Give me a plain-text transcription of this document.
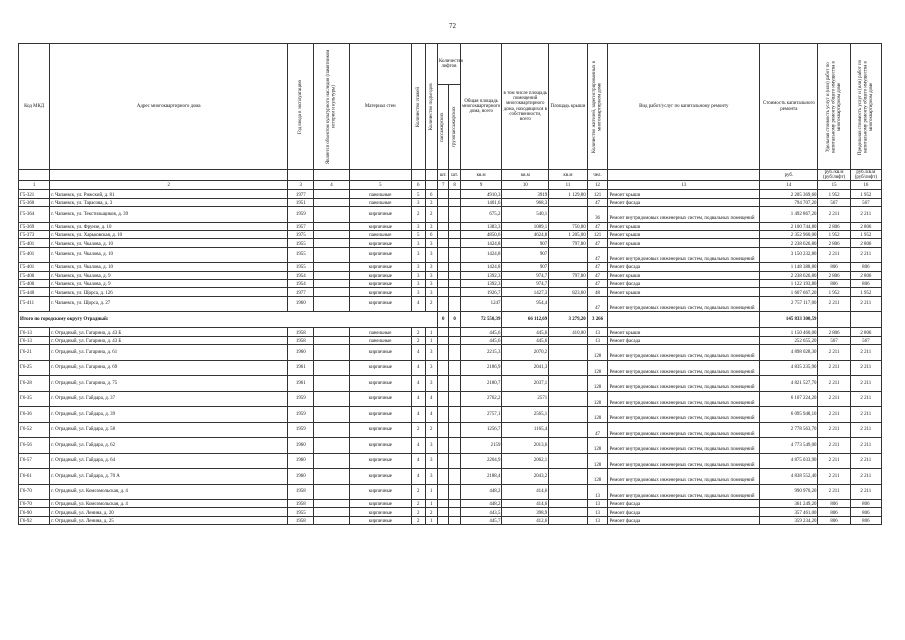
72
Код МКД	Адрес многоквартирного дома	Год ввода в эксплуатацию	Является объектом культурного наследия (памятником истории и культуры)	Материал стен	Количество этажей	Количество подъездов	Количество лифтов		Общая площадь многоквартирного дома, всего	в том числе площадь помещений многоквартирного дома, находящихся в собственности, всего	Площадь крыши	Количество жителей, зарегистрированных в многоквартирном доме	Вид работ/услуг по капитальному ремонту	Стоимость капитального ремонта	Удельная стоимость услуг и (или) работ по капитальному ремонту общего имущества в многоквартирном доме	Предельная стоимость услуг и (или) работ по капитальному ремонту общего имущества в многоквартирном доме

							пассажирских	грузопассажирских								

							шт.	шт.	кв.м	кв.м	кв.м	чел.		руб.	руб./кв.м (руб/лифт)	руб./кв.м (руб/лифт)
1	2	3	4	5	6		7	8	9	10	11	12	13	14	15	16
Г5-321	г. Чапаевск, ул. Рижский, д. 81	1977		панельные	5	6			4910,3	3919	1 129,80	121	Ремонт крыши	2 205 369,60	1 952	1 952
Г5-360	г. Чапаевск, ул. Тарасова, д. 3	1951		панельные	3	3			1401,6	968,3		47	Ремонт фасада	794 707,20	567	567
Г5-364	г. Чапаевск, ул. Текстильщиков, д. 39	1959		кирпичные	2	2			675,2	540,1		36	Ремонт внутридомовых инженерных систем, подвальных помещений	1 492 867,20	2 211	2 211
Г5-369	г. Чапаевск, ул. Фрунзе, д. 10	1957		кирпичные	3	3			1383,3	1089,1	750,80	47	Ремонт крыши	2 100 744,80	2 806	2 806
Г5-373	г. Чапаевск, ул. Харьковская, д. 10	1975		панельные	5	6			4850,6	4624,8	1 205,00	121	Ремонт крыши	2 352 960,00	1 952	1 952
Г5-401	г. Чапаевск, ул. Чкалова, д. 10	1955		кирпичные	3	3			1424,8	907	797,80	47	Ремонт крыши	2 238 626,80	2 806	2 806
Г5-401	г. Чапаевск, ул. Чкалова, д. 10	1955		кирпичные	3	3			1424,8	907		47	Ремонт внутридомовых инженерных систем, подвальных помещений	3 150 232,80	2 211	2 211
Г5-401	г. Чапаевск, ул. Чкалова, д. 10	1955		кирпичные	3	3			1424,8	907		47	Ремонт фасада	1 148 388,80	806	806
Г5-400	г. Чапаевск, ул. Чкалова, д. 9	1954		кирпичные	3	3			1392,3	974,7	797,80	47	Ремонт крыши	2 238 626,80	2 806	2 806
Г5-400	г. Чапаевск, ул. Чкалова, д. 9	1954		кирпичные	3	3			1392,3	974,7		47	Ремонт фасада	1 122 193,80	806	806
Г5-440	г. Чапаевск, ул. Щорса, д. 126	1977		кирпичные	3	3			1926,7	1427,3	823,60	48	Ремонт крыши	1 607 667,20	1 952	1 952
Г5-411	г. Чапаевск, ул. Щорса, д. 27	1960		кирпичные	4	2			1247	954,4		47	Ремонт внутридомовых инженерных систем, подвальных помещений	2 757 117,00	2 211	2 211
Итого по городскому округу Отрадный:							0	0	72 550,39	66 112,69	3 279,20	3 266		145 833 300,59		
Г6-13	г. Отрадный, ул. Гагарина, д. 43 Б	1958		панельные	2	1			445,6	445,6	410,00	13	Ремонт крыши	1 150 460,00	2 806	2 806
Г6-13	г. Отрадный, ул. Гагарина, д. 43 Б	1958		панельные	2	1			445,6	445,6		13	Ремонт фасада	252 655,20	567	567
Г6-21	г. Отрадный, ул. Гагарина, д. 61	1960		кирпичные	4	3			2215,3	2070,2		128	Ремонт внутридомовых инженерных систем, подвальных помещений	4 898 028,30	2 211	2 211
Г6-25	г. Отрадный, ул. Гагарина, д. 69	1961		кирпичные	4	3			2186,9	2041,3		128	Ремонт внутридомовых инженерных систем, подвальных помещений	4 835 235,90	2 211	2 211
Г6-28	г. Отрадный, ул. Гагарина, д. 75	1961		кирпичные	4	3			2180,7	2037,1		128	Ремонт внутридомовых инженерных систем, подвальных помещений	4 821 527,70	2 211	2 211
Г6-35	г. Отрадный, ул. Гайдара, д. 37	1959		кирпичные	4	4			2762,2	2571		128	Ремонт внутридомовых инженерных систем, подвальных помещений	6 107 224,20	2 211	2 211
Г6-36	г. Отрадный, ул. Гайдара, д. 39	1959		кирпичные	4	4			2757,1	2565,1		128	Ремонт внутридомовых инженерных систем, подвальных помещений	6 095 948,10	2 211	2 211
Г6-52	г. Отрадный, ул. Гайдара, д. 58	1959		кирпичные	2	2			1256,7	1165,4		47	Ремонт внутридомовых инженерных систем, подвальных помещений	2 778 563,70	2 211	2 211
Г6-56	г. Отрадный, ул. Гайдара, д. 62	1960		кирпичные	4	3			2159	2013,6		128	Ремонт внутридомовых инженерных систем, подвальных помещений	4 773 549,00	2 211	2 211
Г6-57	г. Отрадный, ул. Гайдара, д. 64	1960		кирпичные	4	3			2204,9	2062,1		128	Ремонт внутридомовых инженерных систем, подвальных помещений	4 875 033,90	2 211	2 211
Г6-61	г. Отрадный, ул. Гайдара, д. 70 А	1960		кирпичные	4	3			2188,4	2043,2		128	Ремонт внутридомовых инженерных систем, подвальных помещений	4 838 552,40	2 211	2 211
Г6-70	г. Отрадный, ул. Комсомольская, д. 4	1958		кирпичные	2	1			448,2	414,6		13	Ремонт внутридомовых инженерных систем, подвальных помещений	990 970,20	2 211	2 211
Г6-70	г. Отрадный, ул. Комсомольская, д. 4	1958		кирпичные	2	1			448,2	414,6		13	Ремонт фасада	361 249,20	806	806
Г6-90	г. Отрадный, ул. Ленина, д. 20	1955		кирпичные	2	2			443,5	398,9		13	Ремонт фасада	357 461,00	806	806
Г6-92	г. Отрадный, ул. Ленина, д. 25	1958		кирпичные	2	1			445,7	412,6		13	Ремонт фасада	359 234,20	806	806
